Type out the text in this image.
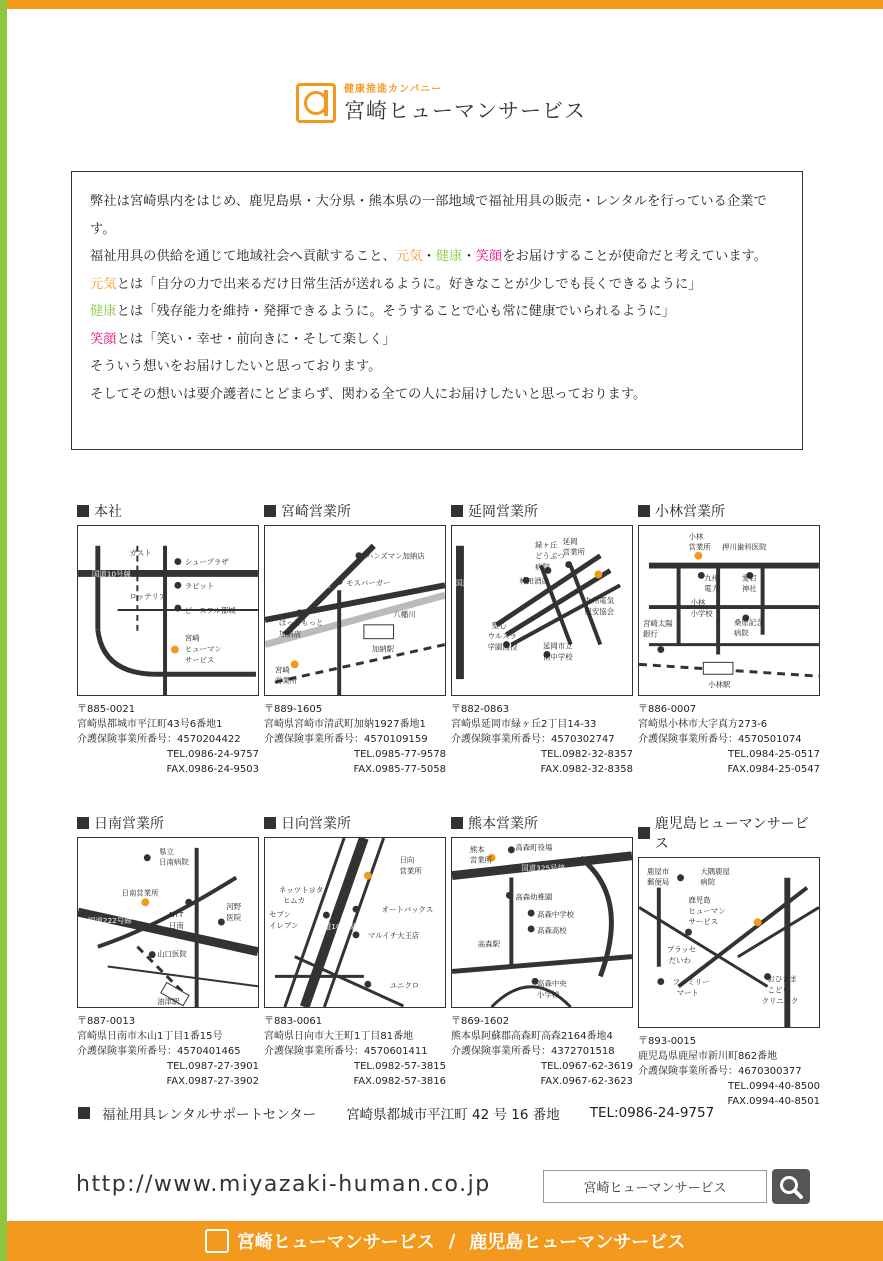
健康推進カンパニー
宮崎ヒューマンサービス

弊社は宮崎県内をはじめ、鹿児島県・大分県・熊本県の一部地域で福祉用具の販売・レンタルを行っている企業です。

福祉用具の供給を通じて地域社会へ貢献すること、元気・健康・笑顔をお届けすることが使命だと考えています。

元気とは「自分の力で出来るだけ日常生活が送れるように。好きなことが少しでも長くできるように」

健康とは「残存能力を維持・発揮できるように。そうすることで心も常に健康でいられるように」

笑顔とは「笑い・幸せ・前向きに・そして楽しく」

そういう想いをお届けしたいと思っております。

そしてその想いは要介護者にとどまらず、関わる全ての人にお届けしたいと思っております。

本社
ガスト
シュープラザ
国道10号線
ラピット
ロッテリア
ピースフル都城
宮崎
ヒューマン
サービス
〒885-0021
宮崎県都城市平江町43号6番地1
介護保険事業所番号：4570204422
TEL.0986-24-9757
FAX.0986-24-9503
宮崎営業所
ハンズマン加納店
27号線 モスバーガー
八幡川
ほっともっと
加納店
加納駅
宮崎
営業所
〒889-1605
宮崎県宮崎市清武町加納1927番地1
介護保険事業所番号：4570109159
TEL.0985-77-9578
FAX.0985-77-5058
延岡営業所
延岡
営業所
緑ヶ丘
どうぶつ
病院
林田酒店
国道10号線
九州電気
保安協会
聖心
ウルスラ
学園高校	延岡市立
南中学校
〒882-0863
宮崎県延岡市緑ヶ丘2丁目14-33
介護保険事業所番号：4570302747
TEL.0982-32-8357
FAX.0982-32-8358
小林営業所
小林
営業所 押川歯科医院
九州
電力
愛宕
神社
小林
小学校
桑原記念
病院
宮崎太陽
銀行
小林駅
〒886-0007
宮崎県小林市大字真方273-6
介護保険事業所番号：4570501074
TEL.0984-25-0517
FAX.0984-25-0547
日南営業所
県立
日南病院
日南営業所
NTT
日南
河野
医院
国道222号線
山口医院
油津駅
〒887-0013
宮崎県日南市木山1丁目1番15号
介護保険事業所番号：4570401465
TEL.0987-27-3901
FAX.0987-27-3902
日向営業所
日向
営業所
ネッツトヨタ
ヒムカ
オートバックス
セブン
イレブン 国道10号線
マルイチ大王店
ユニクロ
〒883-0061
宮崎県日向市大王町1丁目81番地
介護保険事業所番号：4570601411
TEL.0982-57-3815
FAX.0982-57-3816
熊本営業所
熊本
営業所
高森町役場
国道325号線
高森幼稚園
高森中学校
高森駅
高森高校
高森中央
小学校
〒869-1602
熊本県阿蘇郡高森町高森2164番地4
介護保険事業所番号：4372701518
TEL.0967-62-3619
FAX.0967-62-3623
鹿児島ヒューマンサービス
鹿屋市
郵便局
大隅鹿屋
病院
鹿児島
ヒューマン
サービス
プラッセ
だいわ
ファミリー
マート
おひさま
こども
クリニック
〒893-0015
鹿児島県鹿屋市新川町862番地
介護保険事業所番号：4670300377
TEL.0994-40-8500
FAX.0994-40-8501
福祉用具レンタルサポートセンター 宮崎県都城市平江町 42 号 16 番地 TEL:0986-24-9757
http://www.miyazaki-human.co.jp	宮崎ヒューマンサービス
宮崎ヒューマンサービス / 鹿児島ヒューマンサービス
